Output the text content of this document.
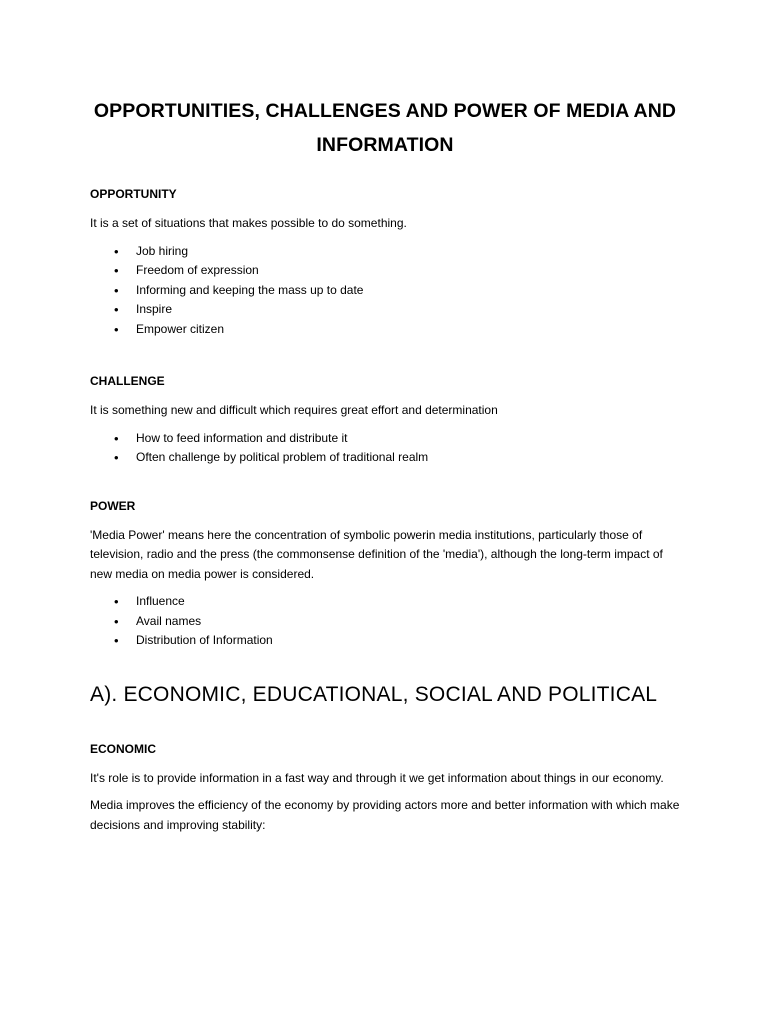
OPPORTUNITIES, CHALLENGES AND POWER OF MEDIA AND INFORMATION
OPPORTUNITY

It is a set of situations that makes possible to do something.

• Job hiring
• Freedom of expression
• Informing and keeping the mass up to date
• Inspire
• Empower citizen
CHALLENGE

It is something new and difficult which requires great effort and determination

• How to feed information and distribute it
• Often challenge by political problem of traditional realm
POWER

'Media Power' means here the concentration of symbolic powerin media institutions, particularly those of television, radio and the press (the commonsense definition of the 'media'), although the long-term impact of new media on media power is considered.

• Influence
• Avail names
• Distribution of Information
A). ECONOMIC, EDUCATIONAL, SOCIAL AND POLITICAL
ECONOMIC

It's role is to provide information in a fast way and through it we get information about things in our economy.

Media improves the efficiency of the economy by providing actors more and better information with which make decisions and improving stability:
